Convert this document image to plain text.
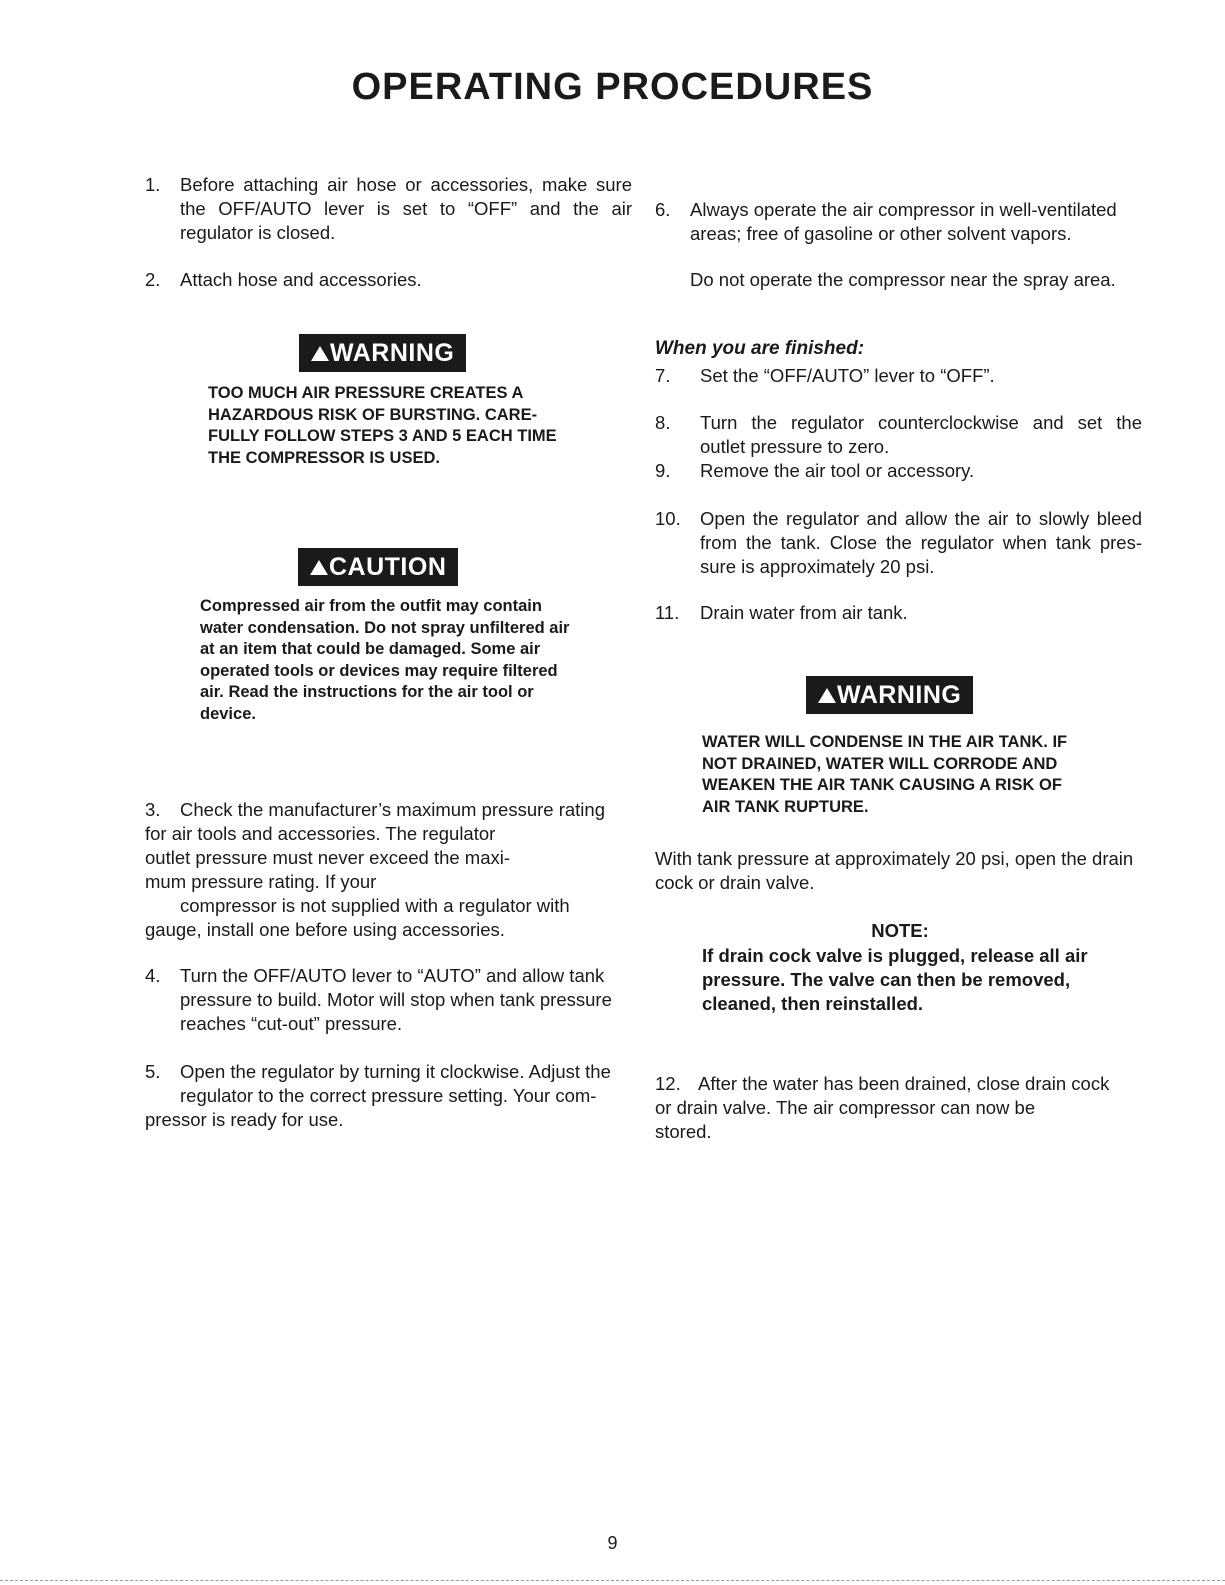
OPERATING PROCEDURES
1. Before attaching air hose or accessories, make sure
the OFF/AUTO lever is set to “OFF” and the air
regulator is closed.
2. Attach hose and accessories.
WARNING
TOO MUCH AIR PRESSURE CREATES A
HAZARDOUS RISK OF BURSTING. CARE-
FULLY FOLLOW STEPS 3 AND 5 EACH TIME
THE COMPRESSOR IS USED.
CAUTION
Compressed air from the outfit may contain
water condensation. Do not spray unfiltered air
at an item that could be damaged. Some air
operated tools or devices may require filtered
air. Read the instructions for the air tool or
device.
3. Check the manufacturer’s maximum pressure rating
for air tools and accessories. The regulator
outlet pressure must never exceed the maxi-
mum pressure rating. If your
compressor is not supplied with a regulator with
gauge, install one before using accessories.
4. Turn the OFF/AUTO lever to “AUTO” and allow tank pressure to build. Motor will stop when tank pressure reaches “cut-out” pressure.
5. Open the regulator by turning it clockwise. Adjust the
regulator to the correct pressure setting. Your com-
pressor is ready for use.
6. Always operate the air compressor in well-ventilated
areas; free of gasoline or other solvent vapors.
Do not operate the compressor near the spray area.
When you are finished:
7. Set the “OFF/AUTO” lever to “OFF”.
8. Turn the regulator counterclockwise and set the
outlet pressure to zero.
9. Remove the air tool or accessory.
10. Open the regulator and allow the air to slowly bleed
from the tank. Close the regulator when tank pres-
sure is approximately 20 psi.
11. Drain water from air tank.
WARNING
WATER WILL CONDENSE IN THE AIR TANK. IF
NOT DRAINED, WATER WILL CORRODE AND
WEAKEN THE AIR TANK CAUSING A RISK OF
AIR TANK RUPTURE.
With tank pressure at approximately 20 psi, open the drain
cock or drain valve.
NOTE:
If drain cock valve is plugged, release all air
pressure. The valve can then be removed,
cleaned, then reinstalled.
12. After the water has been drained, close drain cock
or drain valve. The air compressor can now be
stored.
9
